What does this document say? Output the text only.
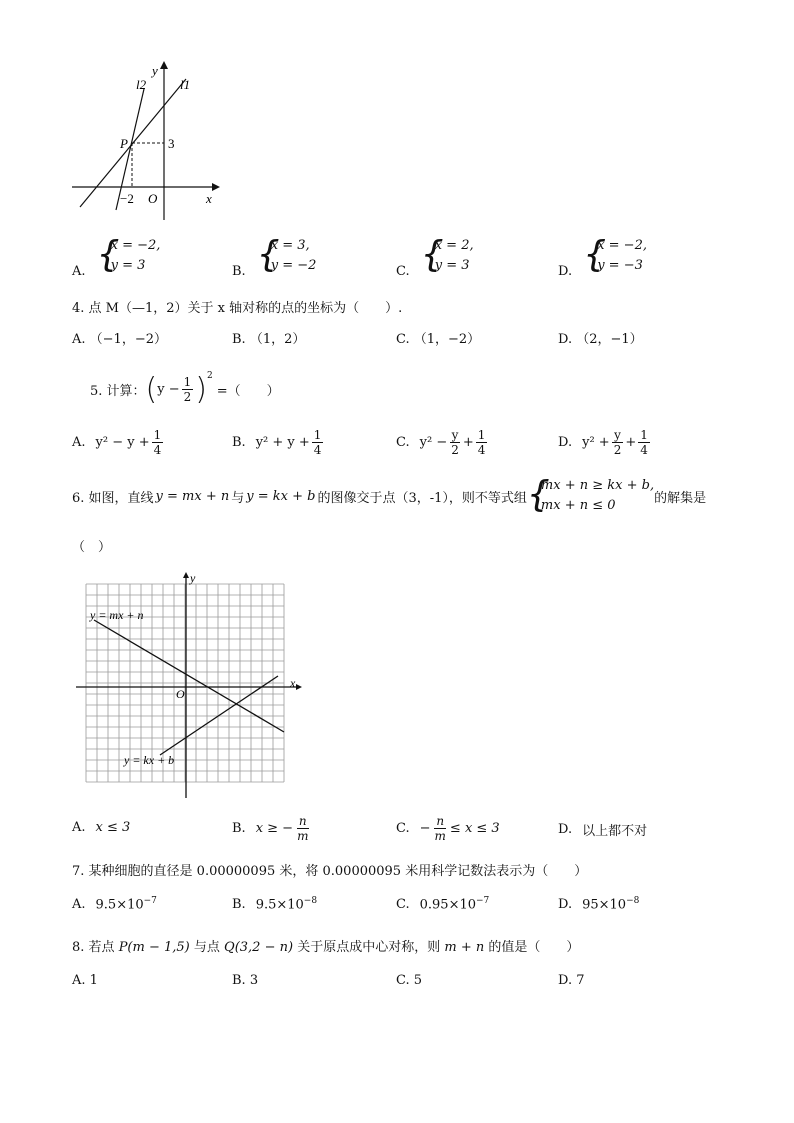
l2
y
l1
P	3
−2 O	x
$_{A.}$
{ x = −2,
y = 3	$_{B.}$
{ x = 3,
y = −2	$_{C.}$
{ x = 2,
y = 3	$_{D.}$
{ x = −2,
y = −3
4. 点 M（—1，2）关于 x 轴对称的点的坐标为（　　）.
A. （−1，−2）	B. （1，2）	C. （1，−2）	D. （2，−1）
5. 计算： ( $y - \frac{1}{2} )^2$
=（　　）
A. $y^2 - y + \frac{1}{4}$	B. $y^2 + y + \frac{1}{4}$	C. $y^2 - \frac{y}{2} + \frac{1}{4}$	D. $y^2 + \frac{y}{2} + \frac{1}{4}$
6. 如图，直线 y = mx + n 与 y = kx + b 的图像交于点（3，-1），则不等式组
{ mx + n ≥ kx + b,
mx + n ≤ 0	的解集是
（　）
y = mx + n
y = kx + b
x
y
O
A. x ≤ 3	B. x ≥ − $\frac{n}{m}$	C. − $\frac{n}{m} \le x \le 3$	D. 以上都不对
7. 某种细胞的直径是 0.00000095 米，将 0.00000095 米用科学记数法表示为（　　）
A. $9.5\times 10^{-7}$	B. $9.5\times 10^{-8}$	C. $0.95\times 10^{-7}$	D. $95\times 10^{-8}$
8. 若点 P(m − 1,5) 与点 Q(3,2 − n) 关于原点成中心对称，则 m + n 的值是（　　）
A. 1	B. 3	C. 5	D. 7
